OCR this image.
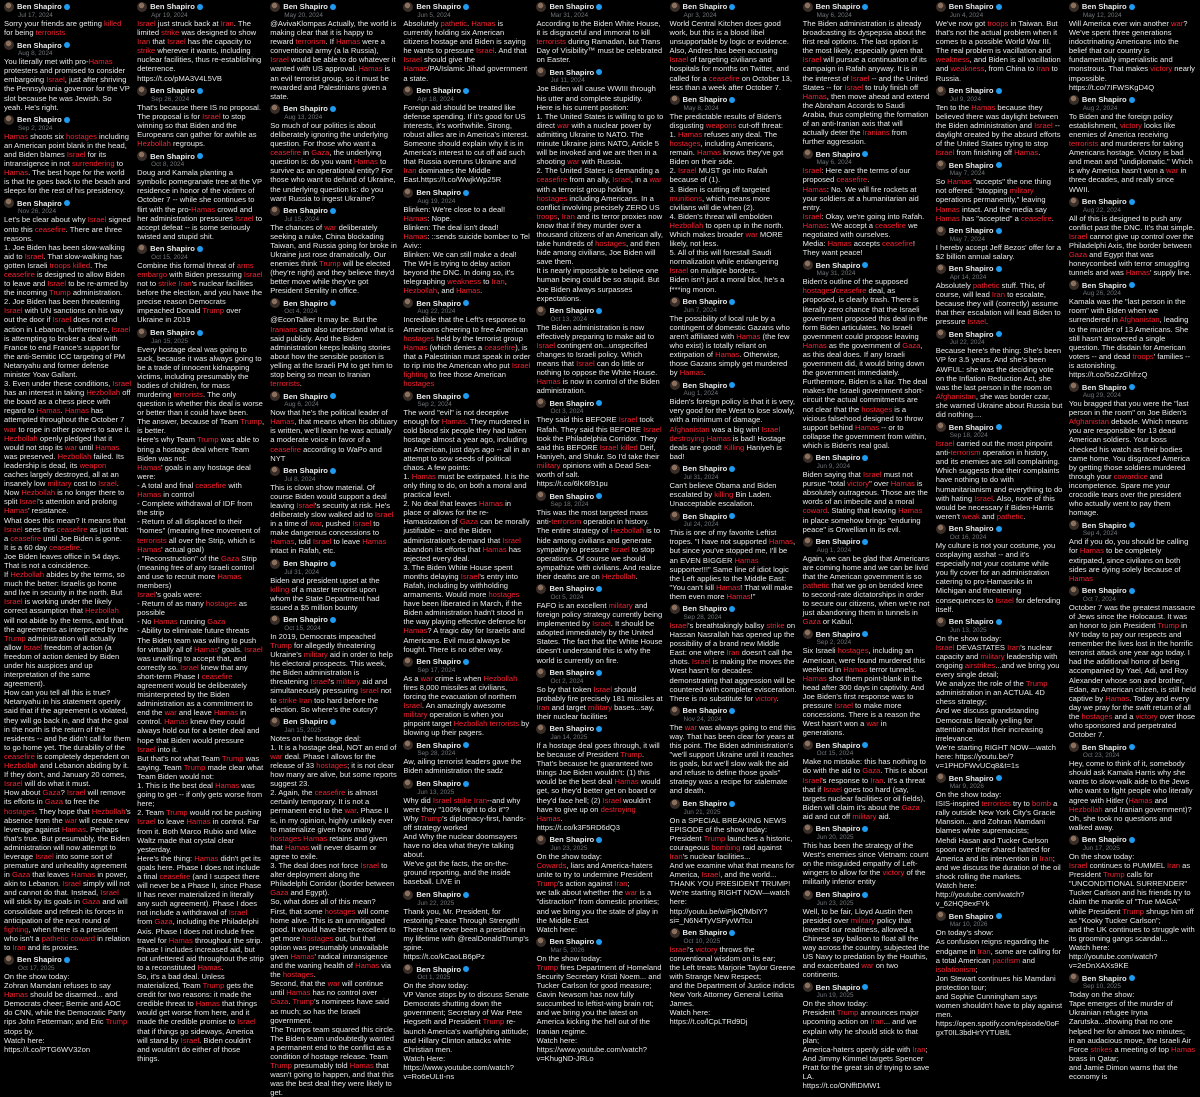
Ben Shapiro
Jul 17, 2024

Sorry your friends are getting killed for being terrorists

Ben Shapiro
Aug 8, 2024

You literally met with pro-Hamas protesters and promised to consider embargoing Israel, just after shriving the Pennsylvania governor for the VP slot because he was Jewish. So yeah. He's right.

Ben Shapiro
Sep 2, 2024

Hamas shoots six hostages including an American point blank in the head, and Biden blames Israel for its intransigence in not surrendering to Hamas. The best hope for the world is that he goes back to the beach and sleeps for the rest of his presidency.

Ben Shapiro
Nov 26, 2024

Let's be clear about why Israel signed onto this ceasefire. There are three reasons.
1. Joe Biden has been slow-walking aid to Israel. That slow-walking has gotten Israeli troops killed. The ceasefire is designed to allow Biden to leave and Israel to be re-armed by the incoming Trump administration.
2. Joe Biden has been threatening Israel with UN sanctions on his way out the door if Israel does not end action in Lebanon, furthermore, Israel is attempting to broker a deal with France to end France's support for the anti-Semitic ICC targeting of PM Netanyahu and former defense minister Yoav Gallant.
3. Even under these conditions, Israel has an interest in taking Hezbollah off the board as a chess piece with regard to Hamas. Hamas has attempted throughout the October 7 war to rope in other powers to save it.
Hezbollah openly pledged that it would not stop its war until Hamas was preserved. Hezbollah failed. Its leadership is dead, its weapon caches largely destroyed, all at an insanely low military cost to Israel. Now Hezbollah is no longer there to split Israel's attention and prolong Hamas' resistance.
What does this mean? It means that Israel sees this ceasefire as just that: a ceasefire until Joe Biden is gone.
It is a 60 day ceasefire.
Joe Biden leaves office in 54 days.
That is not a coincidence.
If Hezbollah abides by the terms, so much the better: Israelis go home and live in security in the north. But Israel is working under the likely correct assumption that Hezbollah will not abide by the terms, and that the agreements as interpreted by the Trump administration will actually allow Israel freedom of action (a freedom of action denied by Biden under his auspices and up interpretation of the same agreement).
How can you tell all this is true? Netanyahu in his statement openly said that if the agreement is violated, they will go back in, and that the goal in the north is the return of the residents -- and he didn't call for them to go home yet. The durability of the ceasefire is completely dependent on Hezbollah and Lebanon abiding by it. If they don't, and January 20 comes, Israel will do what it must.
How about Gaza? Israel will remove its efforts in Gaza to free the hostages. They hope that Hezbollah's absence from the war will create new leverage against Hamas. Perhaps that's true. But presumably, the Biden administration will now attempt to leverage Israel into some sort of premature and unhealthy agreement in Gaza that leaves Hamas in power, akin to Lebanon. Israel simply will not and cannot do that. Instead, Israel will stick by its goals in Gaza and will consolidate and refresh its forces in anticipation of the next round of fighting, when there is a president who isn't a pathetic coward in relation to Iran and its proxies.

Ben Shapiro
Oct 17, 2025

On the show today:
Zohran Mamdani refuses to say Hamas should be disarmed... and Democrats cheer; Bernie and AOC do CNN, while the Democratic Party rips John Fetterman; and Eric Trump stops by.
Watch here: https://t.co/PTG6WV32on

Ben Shapiro
Apr 19, 2024

Israel just struck back at Iran. The limited strike was designed to show Iran that Israel has the capacity to strike wherever it wants, including nuclear facilities, thus re-establishing deterrence.
https://t.co/pMA3V4L5VB

Ben Shapiro
Sep 26, 2024

That's because there IS no proposal. The proposal is for Israel to stop winning so that Biden and the Europeans can gather for awhile as Hezbollah regroups.

Ben Shapiro
Oct 8, 2024

Doug and Kamala planting a symbolic pomegranate tree at the VP residence in honor of the victims of October 7 -- while she continues to flirt with the pro-Hamas crowd and her administration pressures Israel to accept defeat -- is some seriously twisted and stupid shit.

Ben Shapiro
Oct 15, 2024

Combine this formal threat of arms embargo with Biden pressuring Israel not to strike Iran's nuclear facilities before the election, and you have the precise reason Democrats impeached Donald Trump over Ukraine in 2019

Ben Shapiro
Jan 15, 2025

Every hostage deal was going to suck, because it was always going to be a trade of innocent kidnapping victims, including presumably the bodies of children, for mass murdering terrorists. The only question is whether this deal is worse or better than it could have been.
The answer, because of Team Trump, is better.
Here's why Team Trump was able to bring a hostage deal where Team Biden was not:
Hamas' goals in any hostage deal were:
- A total and final ceasefire with Hamas in control
- Complete withdrawal of IDF from the strip
- Return of all displaced to their "homes" (meaning free movement of terrorists all over the Strip, which is Hamas' actual goal)
- "Reconstruction" of the Gaza Strip (meaning free of any Israeli control and use to recruit more Hamas members)
Israel's goals were:
- Return of as many hostages as possible
- No Hamas running Gaza
- Ability to eliminate future threats
The Biden team was willing to push for virtually all of Hamas' goals. Israel was unwilling to accept that, and correctly so. Israel knew that any short-term Phase I ceasefire agreement would be deliberately misinterpreted by the Biden administration as a commitment to end the war and leave Hamas in control. Hamas knew they could always hold out for a better deal and hope that Biden would pressure Israel into it.
But that's not what Team Trump was saying. Team Trump made clear what Team Biden would not:
1. This is the best deal Hamas was going to get -- if only gets worse from here;
2. Team Trump would not be pushing Israel to leave Hamas in control. Far from it. Both Marco Rubio and Mike Waltz made that crystal clear yesterday.
Here's the thing: Hamas didn't get its goals here. Phase I does not include a final ceasefire (and I suspect there will never be a Phase II, since Phase II has never materialized in literally any such agreement). Phase I does not include a withdrawal of Israel from Gaza, including the Philadelphi Axis. Phase I does not include free travel for Hamas throughout the strip. Phase I includes increased aid, but not unfettered aid throughout the strip to a reconstituted Hamas.
So, it's a bad deal. Unless materialized, Team Trump gets the credit for two reasons: it made the credible threat to Hamas that things would get worse from here, and it made the credible promise to Israel that if things go sideways, America will stand by Israel. Biden couldn't and wouldn't do either of those things.

Ben Shapiro
May 20, 2024

@AvivaKlompas Actually, the world is making clear that it is happy to reward terrorism. If Hamas were a conventional army (a la Russia), Israel would be able to do whatever it wanted with US approval. Hamas is an evil terrorist group, so it must be rewarded and Palestinians given a state.

Ben Shapiro
Aug 13, 2024

So much of our politics is about deliberately ignoring the underlying question. For those who want a ceasefire in Gaza, the underlying question is: do you want Hamas to survive as an operational entity? For those who want to defund of Ukraine, the underlying question is: do you want Russia to ingest Ukraine?

Ben Shapiro
Jul 15, 2024

The chances of war deliberately seeking a nuke, China blockading Taiwan, and Russia going for broke in Ukraine just rose dramatically. Our enemies think Trump will be elected (they're right) and they believe they'd better move while they've got President Senility in office.

Ben Shapiro
Oct 4, 2024

@EconTalker It may be. But the Iranians can also understand what is said publicly. And the Biden administration keeps leaking stories about how the sensible position is yelling at the Israeli PM to get him to stop being so mean to Iranian terrorists.

Ben Shapiro
Aug 6, 2024

Now that he's the political leader of Hamas, that means when his obituary is written, we'll learn he was actually a moderate voice in favor of a ceasefire according to WaPo and NYT

Ben Shapiro
Jul 8, 2024

This is clown show material. Of course Biden would support a deal leaving Israel's security at risk. He's deliberately slow walked aid to Israel in a time of war, pushed Israel to make dangerous concessions to Hamas, told Israel to leave Hamas intact in Rafah, etc.

Ben Shapiro
Jul 31, 2024

Biden and president upset at the killing of a master terrorist upon whom the State Department had issued a $5 million bounty

Ben Shapiro
Oct 15, 2024

In 2019, Democrats impeached Trump for allegedly threatening Ukraine's military aid in order to help his electoral prospects. This week, the Biden administration is threatening Israel's military aid and simultaneously pressuring Israel not to strike Iran too hard before the election. So where's the outcry?

Ben Shapiro
Jan 15, 2025

Notes on the hostage deal:
1. It is a hostage deal, NOT an end of war deal. Phase I allows for the release of 33 hostages; it is not clear how many are alive, but some reports suggest 23.
2. Again, the ceasefire is almost certainly temporary. It is not a permanent end to the war. Phase II is, in my opinion, highly unlikely ever to materialize given how many hostages Hamas retains and given that Hamas will never disarm or agree to exile.
3. The deal does not force Israel to alter deployment along the Philadelphi Corridor (border between Gaza and Egypt).
So, what does all of this mean?
First, that some hostages will come home alive. This is an unmitigated good. It would have been excellent to get more hostages out, but that option was presumably unavailable given Hamas' radical intransigence and the waning health of Hamas via the hostages.
Second, that the war will continue until Hamas has no control over Gaza. Trump's nominees have said as much; so has the Israeli government.
The Trumps team squared this circle. The Biden team undoubtedly wanted a permanent end to the conflict as a condition of hostage release. Team Trump presumably told Hamas that wasn't going to happen, and that this was the best deal they were likely to get.

Ben Shapiro
Jun 5, 2024

Absolutely pathetic. Hamas is currently holding six American citizens hostage and Biden is saying he wants to pressure Israel. And that Israel should give the Hamas/PA/Islamic Jihad government a state.

Ben Shapiro
Apr 18, 2024

Foreign aid should be treated like defense spending. If it's good for US interests, it's worthwhile. Strong, robust allies are in America's interest. Someone should explain why it is in America's interest to cut off aid such that Russia overruns Ukraine and Iran dominates the Middle East.https://t.co/WwjkWp25R

Ben Shapiro
Aug 19, 2024

Blinken: We're close to a deal!
Hamas: Nope.
Blinken: The deal isn't dead!
Hamas: ::sends suicide bomber to Tel Aviv::
Blinken: We can still make a deal!
The WH is trying to delay action beyond the DNC. In doing so, it's telegraphing weakness to Iran, Hezbollah, and Hamas.

Ben Shapiro
Aug 22, 2024

Incredible that the Left's response to Americans cheering to free American hostages held by the terrorist group Hamas (which denies a ceasefire), is that a Palestinian must speak in order to rip into the American who put Israel fighting to free those American hostages

Ben Shapiro
Sep 2, 2024

The word "evil" is not deceptive enough for Hamas. They murdered in cold blood six people they had taken hostage almost a year ago, including an American, just days ago -- all in an attempt to sow seeds of political chaos. A few points:
1. Hamas must be extirpated. It is the only thing to do, on both a moral and practical level.
2. No deal that leaves Hamas in place or allows for the re-Hamasization of Gaza can be morally justifiable -- and the Biden administration's demand that Israel abandon its efforts that Hamas has rejected every deal.
3. The Biden White House spent months delaying Israel's entry into Rafah, including by withholding armaments. Would more hostages have been liberated in March, if the Biden administration hadn't stood in the way playing effective defense for Hamas? A tragic day for Israelis and Americans. Evil must always be fought. There is no other way.

Ben Shapiro
Sep 17, 2024

As a war crime is when Hezbollah fires 8,000 missiles at civilians, forcing the evacuation of northern Israel. An amazingly awesome military operation is when you pinpoint target Hezbollah terrorists by blowing up their pagers.

Ben Shapiro
Sep 28, 2024

Aw, ailing terrorist leaders gave the Biden administration the sadz

Ben Shapiro
Jun 13, 2025

Why did Israel strike Iran--and why were they "100% right to do it"?
Why Trump's diplomacy-first, hands-off strategy worked
And Why the nuclear doomsayers have no idea what they're talking about.
We've got the facts, the on-the-ground reporting, and the inside baseball. LIVE in

Ben Shapiro
Jun 22, 2025

Thank you, Mr. President, for restoring Peace Through Strength! There has never been a president in my lifetime with @realDonaldTrump's spine.
https://t.co/kCaoLB6pPz

Ben Shapiro
Oct 1, 2025

On the show today:
VP Vance stops by to discuss Senate Democrats shutting down the government; Secretary of War Pete Hegseth and President Trump re-launch America's warfighting attitude;
and Hillary Clinton attacks white Christian men.
Watch Here:
https://www.youtube.com/watch?v=Ro6eULtI-ns

Ben Shapiro
Mar 31, 2024

According to the Biden White House, it is disgraceful and immoral to kill terrorists during Ramadan, but Trans Day of Visibility™ must be celebrated on Easter.

Ben Shapiro
Jul 11, 2024

Joe Biden will cause WWIII through his utter and complete stupidity.
Here is his current position:
1. The United States is willing to go to direct war with a nuclear power by admitting Ukraine to NATO. The minute Ukraine joins NATO, Article 5 will be invoked and we are then in a shooting war with Russia.
2. The United States is demanding a ceasefire from an ally, Israel, in a war with a terrorist group holding hostages including Americans. In a conflict involving precisely ZERO US troops, Iran and its terror proxies now know that if they murder over a thousand citizens of an American ally, take hundreds of hostages, and then hide among civilians, Joe Biden will save them.
It is nearly impossible to believe one human being could be so stupid. But Joe Biden always surpasses expectations.

Ben Shapiro
Oct 13, 2024

The Biden administration is now effectively preparing to make aid to Israel contingent on...unspecified changes to Israeli policy. Which means that Israel can do little or nothing to oppose the White House. Hamas is now in control of the Biden administration.

Ben Shapiro
Oct 3, 2024

They said this BEFORE Israel took Rafah. They said this BEFORE Israel took the Philadelphia Corridor. They said this BEFORE Israel killed Deif, Haniyeh, and Shukr. So I'd take their military opinions with a Dead Sea-worth of salt.
https://t.co/6lK6f91pu

Ben Shapiro
Sep 18, 2024

This was the most targeted mass anti-terrorism operation in history. The entire strategy of Hezbollah is to hide among civilians and generate sympathy to pressure Israel to stop operations. Of course we should sympathize with civilians. And realize their deaths are on Hezbollah.

Ben Shapiro
Oct 5, 2024

FAFO is an excellent military and foreign policy strategy currently being implemented by Israel. It should be adopted immediately by the United States. The fact that the White House doesn't understand this is why the world is currently on fire.

Ben Shapiro
Oct 2, 2024

So by that token Israel should probably fire precisely 181 missiles at Iran and target military bases...say, their nuclear facilities

Ben Shapiro
Jan 14, 2025

If a hostage deal goes through, it will be because of President Trump. That's because he guaranteed two things Joe Biden wouldn't: (1) this would be the best deal Hamas would get, so they'd better get on board or they'd face hell; (2) Israel wouldn't have to give up on destroying Hamas.
https://t.co/k3F5RD6dQ3

Ben Shapiro
Jun 23, 2025

On the show today:
Cowards, liars and America-haters unite to try to undermine President Trump's action against Iran;
we talk about whether the war is a "distraction" from domestic priorities;
and we bring you the state of play in the Middle East
Watch here:

Ben Shapiro
Mar 5, 2026

On the show today:
Trump fires Department of Homeland Security Secretary Kristi Noem... and Tucker Carlson for good measure;
Gavin Newsom has now fully succumbed to leftist-wing brain rot;
and we bring you the latest on America kicking the hell out of the Iranian regime.
Watch here:
https://www.youtube.com/watch?v=KhugND-JRLo

Ben Shapiro
Apr 3, 2024

World Central Kitchen does good work, but this is a blood libel unsupportable by logic or evidence. Also, Andres has been accusing Israel of targeting civilians and hospitals for months on Twitter, and called for a ceasefire on October 13, less than a week after October 7.

Ben Shapiro
May 8, 2024

The predictable results of Biden's disgusting weapons cut-off threat:
1. Hamas refuses any deal. The hostages, including Americans, remain. Hamas knows they've got Biden on their side.
2. Israel MUST go into Rafah because of (1).
3. Biden is cutting off targeted munitions, which means more civilians will die when (2).
4. Biden's threat will embolden Hezbollah to open up in the north. Which makes broader war MORE likely, not less.
5. All of this will forestall Saudi normalization while endangering Israel on multiple borders.
Biden isn't just a moral blot, he's a f***ing moron.

Ben Shapiro
Jun 7, 2024

The possibility of local rule by a contingent of domestic Gazans who aren't affiliated with Hamas (the few who exist) is totally reliant on extirpation of Hamas. Otherwise, those Gazans simply get murdered by Hamas.

Ben Shapiro
Aug 1, 2024

Biden's foreign policy is that it is very, very good for the West to lose slowly, with a minimum of damage. Afghanistan was a big win! Israel destroying Hamas is bad! Hostage deals are good! Killing Haniyeh is bad!

Ben Shapiro
Jul 31, 2024

Can't believe Obama and Biden escalated by killing Bin Laden. Unacceptable escalation.

Ben Shapiro
Jul 24, 2024

This is one of my favorite Leftist tropes. "I have not supported Hamas, but since you've stopped me, I'll be an EVEN BIGGER Hamas supporter!!!" Same line of idiot logic the Left applies to the Middle East: "You can't kill Hamas! That will make them even more Hamas!"

Ben Shapiro
Sep 28, 2024

Israel's breathtakingly ballsy strike on Hassan Nasrallah has opened up the possibility of a brand new Middle East: one where Iran doesn't call the shots. Israel is making the moves the West hasn't for decades: demonstrating that aggression will be countered with complete evisceration. There is no substitute for victory.

Ben Shapiro
Nov 24, 2024

The war was always going to end this way. That has been clear for years at this point. The Biden administration's "we'll support Ukraine until it reaches its goals, but we'll slow walk the aid and refuse to define those goals" strategy was a recipe for stalemate and death.

Ben Shapiro
Jun 21, 2025

On a SPECIAL BREAKING NEWS EPISODE of the show today:
President Trump launches a historic, courageous bombing raid against Iran's nuclear facilities...
And we examine what that means for America, Israel, and the world...
THANK YOU PRESIDENT TRUMP!
We're starting RIGHT NOW—watch here:
http://youtu.be/wiPjkQfMbIY?si=_N6N4TyVSFyvWTcu

Ben Shapiro
Oct 10, 2025

Israel's victory throws the conventional wisdom on its ear;
the Left treats Marjorie Taylor Greene with Strange New Respect;
and the Department of Justice indicts New York Attorney General Letitia James.
Watch here:
https://t.co/lCpLTRd9Dj

Ben Shapiro
May 6, 2024

The Biden administration is already broadcasting its dyspepsia about the first real options. The last option is the most likely, especially given that Israel will pursue a continuation of its campaign in Rafah anyway. It is in the interest of Israel -- and the United States -- for Israel to truly finish off Hamas, then move ahead and extend the Abraham Accords to Saudi Arabia, thus completing the formation of an anti-Iranian axis that will actually deter the Iranians from further aggression.

Ben Shapiro
May 6, 2024

Israel: Here are the terms of our proposed ceasefire.
Hamas: No. We will fire rockets at your soldiers at a humanitarian aid entry.
Israel: Okay, we're going into Rafah.
Hamas: We accept a ceasefire we negotiated with ourselves.
Media: Hamas accepts ceasefire! They want peace!

Ben Shapiro
May 31, 2024

Biden's outline of the supposed hostages/ceasefire deal, as proposed, is clearly trash. There is literally zero chance that the Israeli government proposed this deal in the form Biden articulates. No Israeli government could propose leaving Hamas as the government of Gaza, as this deal does. If any Israeli government did, it would bring down the government immediately. Furthermore, Biden is a liar. The deal makes the Israeli government short-circuit the actual commitments are not clear that the hostages is a vicious falsehood designed to throw support behind Hamas -- or to collapse the government from within, which is Biden's real goal.

Ben Shapiro
Jun 9, 2024

Biden saying that Israel must not pursue "total victory" over Hamas is absolutely outrageous. Those are the words of an imbecile and a moral coward. Stating that leaving Hamas in place somehow brings "enduring peace" is Orwellian in its evil.

Ben Shapiro
Aug 1, 2024

Again, we can be glad that Americans are coming home and we can be livid that the American government is so pathetic that we go on bended knee to second-rate dictatorships in order to secure our citizens, when we're not just abandoning them in tunnels in Gaza or Kabul.

Ben Shapiro
Sep 2, 2024

Six Israeli hostages, including an American, were found murdered this weekend in Hamas terror tunnels. Hamas shot them point-blank in the head after 300 days in captivity. And Joe Biden's first response was to pressure Israel to make more concessions. There is a reason the West hasn't won a war in generations.

Ben Shapiro
Oct 15, 2024

Make no mistake: this has nothing to do with the aid to Gaza. This is about Israel's response to Iran. It's a threat that if Israel goes too hard (say, targets nuclear facilities or oil fields), Biden will claim it's about the Gaza aid and cut off military aid.

Ben Shapiro
Jun 20, 2025

This has been the strategy of the West's enemies since Vietnam: count on the misguided empathy of Left-wingers to allow for the victory of the militarily inferior entity

Ben Shapiro
Jun 23, 2025

Well, to be fair, Lloyd Austin then presided over military policy that lowered our readiness, allowed a Chinese spy balloon to float all the way across the country, subjected the US Navy to predation by the Houthis, and exacerbated war on two continents.

Ben Shapiro
Jun 19, 2025

On the show today:
President Trump announces major upcoming action on Iran... and we explain why he should stick to that plan;
America-haters openly side with Iran;
And Jimmy Kimmel targets Spencer Pratt for the great sin of trying to save LA.
https://t.co/ONfftDMW1

Ben Shapiro
Jun 4, 2024

We've now got troops in Taiwan. But that's not the actual problem when it comes to a possible World War III. The real problem is vacillation and weakness, and Biden is all vacillation and weakness, from China to Iran to Russia.

Ben Shapiro
Jul 9, 2024

Ten to the Hamas because they believed there was daylight between the Biden administration and Israel -- daylight created by the absurd efforts of the United States trying to stop Israel from finishing off Hamas.

Ben Shapiro
May 7, 2024

So Hamas "accepts" the one thing not offered: "stopping military operations permanently," leaving Hamas intact. And the media say Hamas has "accepted" a ceasefire.

Ben Shapiro
May 7, 2024

I hereby accept Jeff Bezos' offer for a $2 billion annual salary.

Ben Shapiro
Apr 14, 2024

Absolutely pathetic stuff. This, of course, will lead Iran to escalate, because they will (correctly) assume that their escalation will lead Biden to pressure Israel.

Ben Shapiro
Jul 22, 2024

Because here's the thing: She's been VP for 3.5 years. And she's been AWFUL: she was the deciding vote on the Inflation Reduction Act, she was the last person in the room on Afghanistan, she was border czar, she warned Ukraine about Russia but did nothing....

Ben Shapiro
Sep 18, 2024

Israel carried out the most pinpoint anti-terrorism operation in history, and its enemies are still complaining. Which suggests that their complaints have nothing to do with humanitarianism and everything to do with hating Israel. Also, none of this would be necessary if Biden-Harris weren't weak and pathetic.

Ben Shapiro
Oct 16, 2024

My culture is not your costume, you cosplaying asshat -- and it's especially not your costume while you fly cover for an administration catering to pro-Hamasniks in Michigan and threatening consequences to Israel for defending itself.

Ben Shapiro
Jun 13, 2025

On the show today:
Israel DEVASTATES Iran's nuclear capacity and military leadership with ongoing airstrikes...and we bring you every single detail;
We analyze the role of the Trump administration in an ACTUAL 4D chess strategy;
And we discuss grandstanding Democrats literally yelling for attention amidst their increasing irrelevance.
We're starting RIGHT NOW—watch here: https://youtu.be/?
v=1PHDFWvUCq8&t=1s

Ben Shapiro
Mar 9, 2026

On the show today:
ISIS-inspired terrorists try to bomb a rally outside New York City's Gracie Mansion... and Zohran Mamdani blames white supremacists;
Mehdi Hasan and Tucker Carlson spoon over their shared hatred for America and its intervention in Iran;
and we discuss the duration of the oil shock rolling the markets.
Watch here: http://youtube.com/watch?v_62HQ9exFYk

Ben Shapiro
Mar 10, 2026

On today's show:
As confusion reigns regarding the endgame in Iran, some are calling for a total American pacifism and isolationism;
Jon Stewart continues his Mamdani protection tour;
and Sophie Cunningham says women shouldn't have to play against men.
https://open.spotify.com/episode/0oFgxT0IL3bdHrYYTUBfL

Ben Shapiro
May 12, 2024

Will America ever win another war? We've spent three generations indoctrinating Americans into the belief that our country is fundamentally imperialistic and monstrous. That makes victory nearly impossible.
https://t.co/7IFWSKgD4Q

Ben Shapiro
Aug 2, 2024

To Biden and the foreign policy establishment, victory looks like enemies of America receiving terrorists and murderers for taking Americans hostage. Victory is bad and mean and "undiplomatic." Which is why America hasn't won a war in three decades, and really since WWII.

Ben Shapiro
Aug 22, 2024

All of this is designed to push any conflict past the DNC. It's that simple. Israel cannot give up control over the Philadelphi Axis, the border between Gaza and Egypt that was honeycombed with terror smuggling tunnels and was Hamas' supply line.

Ben Shapiro
Aug 26, 2024

Kamala was the "last person in the room" with Biden when we surrendered in Afghanistan, leading to the murder of 13 Americans. She still hasn't answered a single question. The disdain for American voters -- and dead troops' families -- is astonishing.
https://t.co/5oZzGhfrzQ

Ben Shapiro
Aug 29, 2024

You bragged that you were the "last person in the room" on Joe Biden's Afghanistan debacle. Which means you are responsible for 13 dead American soldiers. Your boss checked his watch as their bodies came home. You disgraced America by getting those soldiers murdered through your cowardice and incompetence. Spare me your crocodile tears over the president who actually went to pay them homage.

Ben Shapiro
Sep 4, 2024

And if you do, you should be calling for Hamas to be completely extirpated, since civilians on both sides are dying solely because of Hamas

Ben Shapiro
Oct 7, 2024

October 7 was the greatest massacre of Jews since the Holocaust. It was an honor to join President Trump in NY today to pay our respects and remember the lives lost in the horrific terrorist attack one year ago today. I had the additional honor of being accompanied by Yael, Adi, and Roy Alexander whose son and brother, Edan, an American citizen, is still held captive by Hamas. Today and every day we pray for the swift return of all the hostages and a victory over those who sponsored and perpetrated October 7.

Ben Shapiro
Oct 23, 2024

Hey, come to think of it, somebody should ask Kamala Harris why she wants to slow-walk aide to the Jews who want to fight people who literally agree with Hitler (Hamas and Hezbollah and Iranian government)? Oh, she took no questions and walked away.

Ben Shapiro
Jun 17, 2025

On the show today:
Israel continues to PUMMEL Iran as President Trump calls for "UNCONDITIONAL SURRENDER"
Tucker Carlson and his friends try to claim the mantle of "True MAGA" while President Trump shrugs him off as "Kooky Tucker Carlson";
and the UK continues to struggle with its grooming gangs scandal...
Watch here: http://youtube.com/watch?v=2eDnXAXs9KE

Ben Shapiro
Sep 10, 2025

Today on the show:
Tape emerges of the murder of Ukrainian refugee Iryna Zarutska...showing that no one helped her for almost two minutes;
in an audacious move, the Israeli Air Force strikes a meeting of top Hamas brass in Qatar;
and Jamie Dimon warns that the economy is
